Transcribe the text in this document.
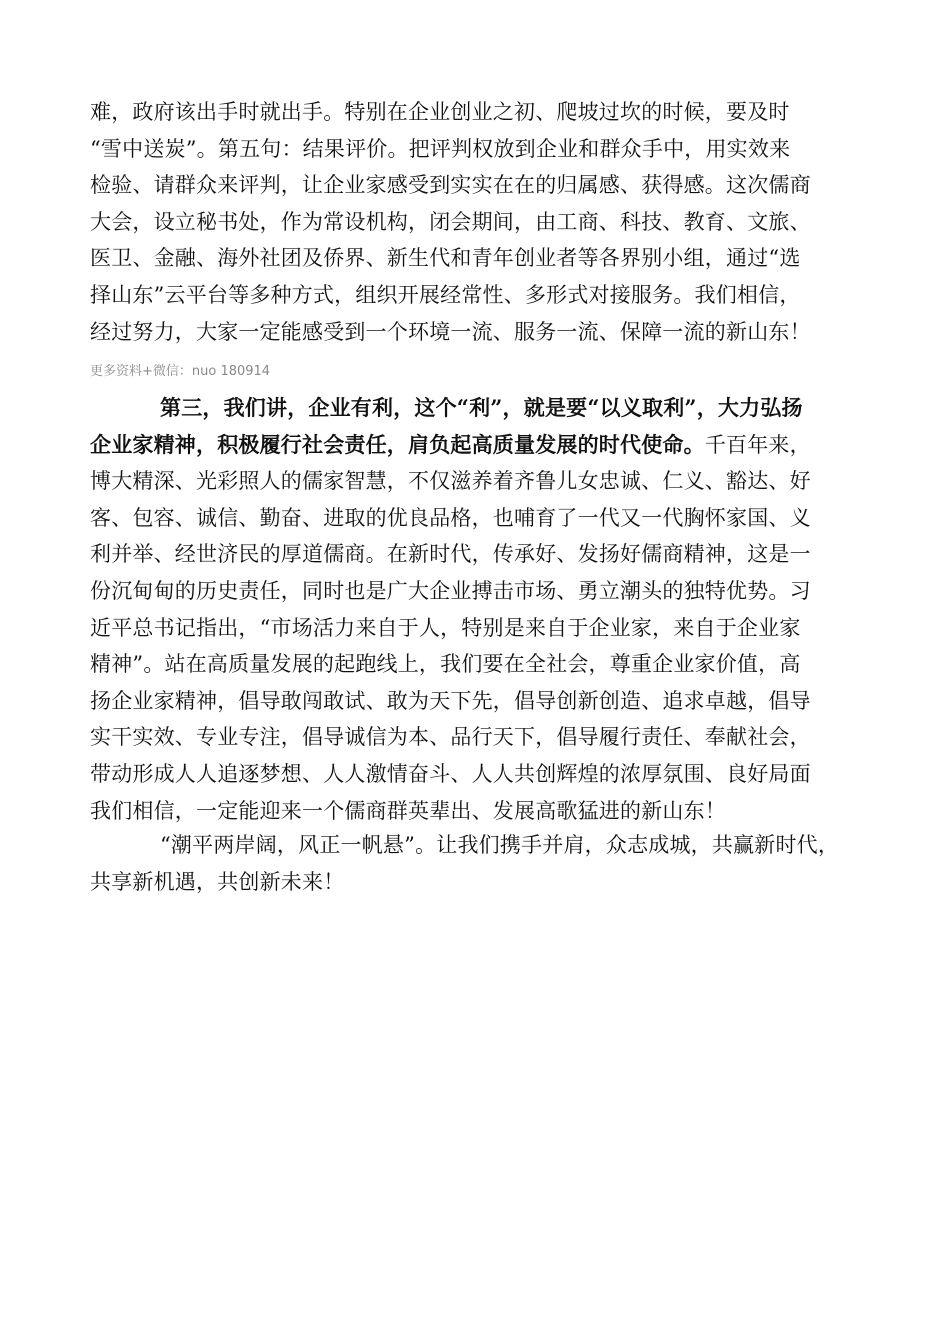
难，政府该出手时就出手。特别在企业创业之初、爬坡过坎的时候，要及时
“雪中送炭”。第五句：结果评价。把评判权放到企业和群众手中，用实效来
检验、请群众来评判，让企业家感受到实实在在的归属感、获得感。这次儒商
大会，设立秘书处，作为常设机构，闭会期间，由工商、科技、教育、文旅、
医卫、金融、海外社团及侨界、新生代和青年创业者等各界别小组，通过“选
择山东”云平台等多种方式，组织开展经常性、多形式对接服务。我们相信，
经过努力，大家一定能感受到一个环境一流、服务一流、保障一流的新山东！
更多资料+微信：nuo 180914
第三，我们讲，企业有利，这个“利”，就是要“以义取利”，大力弘扬
企业家精神，积极履行社会责任，肩负起高质量发展的时代使命。千百年来，
博大精深、光彩照人的儒家智慧，不仅滋养着齐鲁儿女忠诚、仁义、豁达、好
客、包容、诚信、勤奋、进取的优良品格，也哺育了一代又一代胸怀家国、义
利并举、经世济民的厚道儒商。在新时代，传承好、发扬好儒商精神，这是一
份沉甸甸的历史责任，同时也是广大企业搏击市场、勇立潮头的独特优势。习
近平总书记指出，“市场活力来自于人，特别是来自于企业家，来自于企业家
精神”。站在高质量发展的起跑线上，我们要在全社会，尊重企业家价值，高
扬企业家精神，倡导敢闯敢试、敢为天下先，倡导创新创造、追求卓越，倡导
实干实效、专业专注，倡导诚信为本、品行天下，倡导履行责任、奉献社会，
带动形成人人追逐梦想、人人激情奋斗、人人共创辉煌的浓厚氛围、良好局面
我们相信，一定能迎来一个儒商群英辈出、发展高歌猛进的新山东！
“潮平两岸阔，风正一帆悬”。让我们携手并肩，众志成城，共赢新时代，
共享新机遇，共创新未来！
